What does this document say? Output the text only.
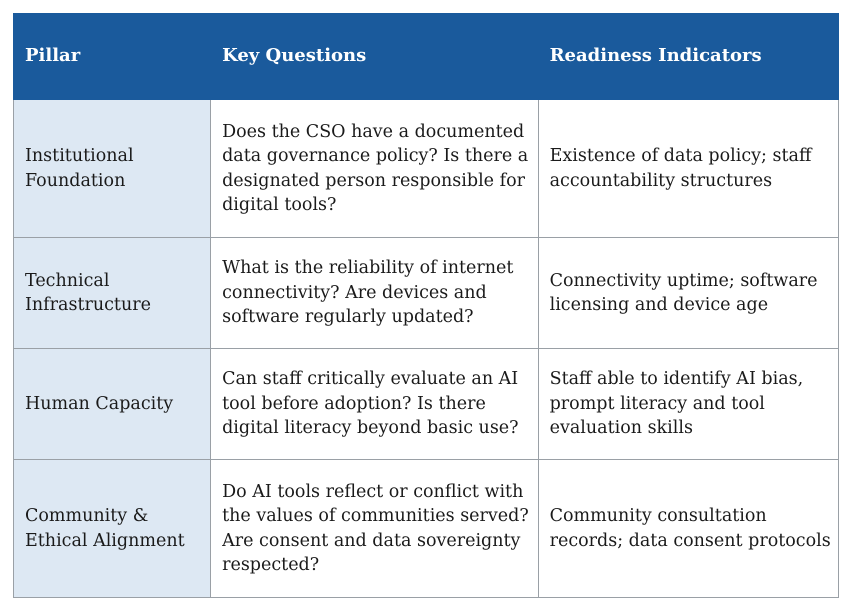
Pillar	Key Questions	Readiness Indicators
Institutional Foundation	Does the CSO have a documented data governance policy? Is there a designated person responsible for digital tools?	Existence of data policy; staff accountability structures
Technical Infrastructure	What is the reliability of internet connectivity? Are devices and software regularly updated?	Connectivity uptime; software licensing and device age
Human Capacity	Can staff critically evaluate an AI tool before adoption? Is there digital literacy beyond basic use?	Staff able to identify AI bias, prompt literacy and tool evaluation skills
Community & Ethical Alignment	Do AI tools reflect or conflict with the values of communities served? Are consent and data sovereignty respected?	Community consultation records; data consent protocols
